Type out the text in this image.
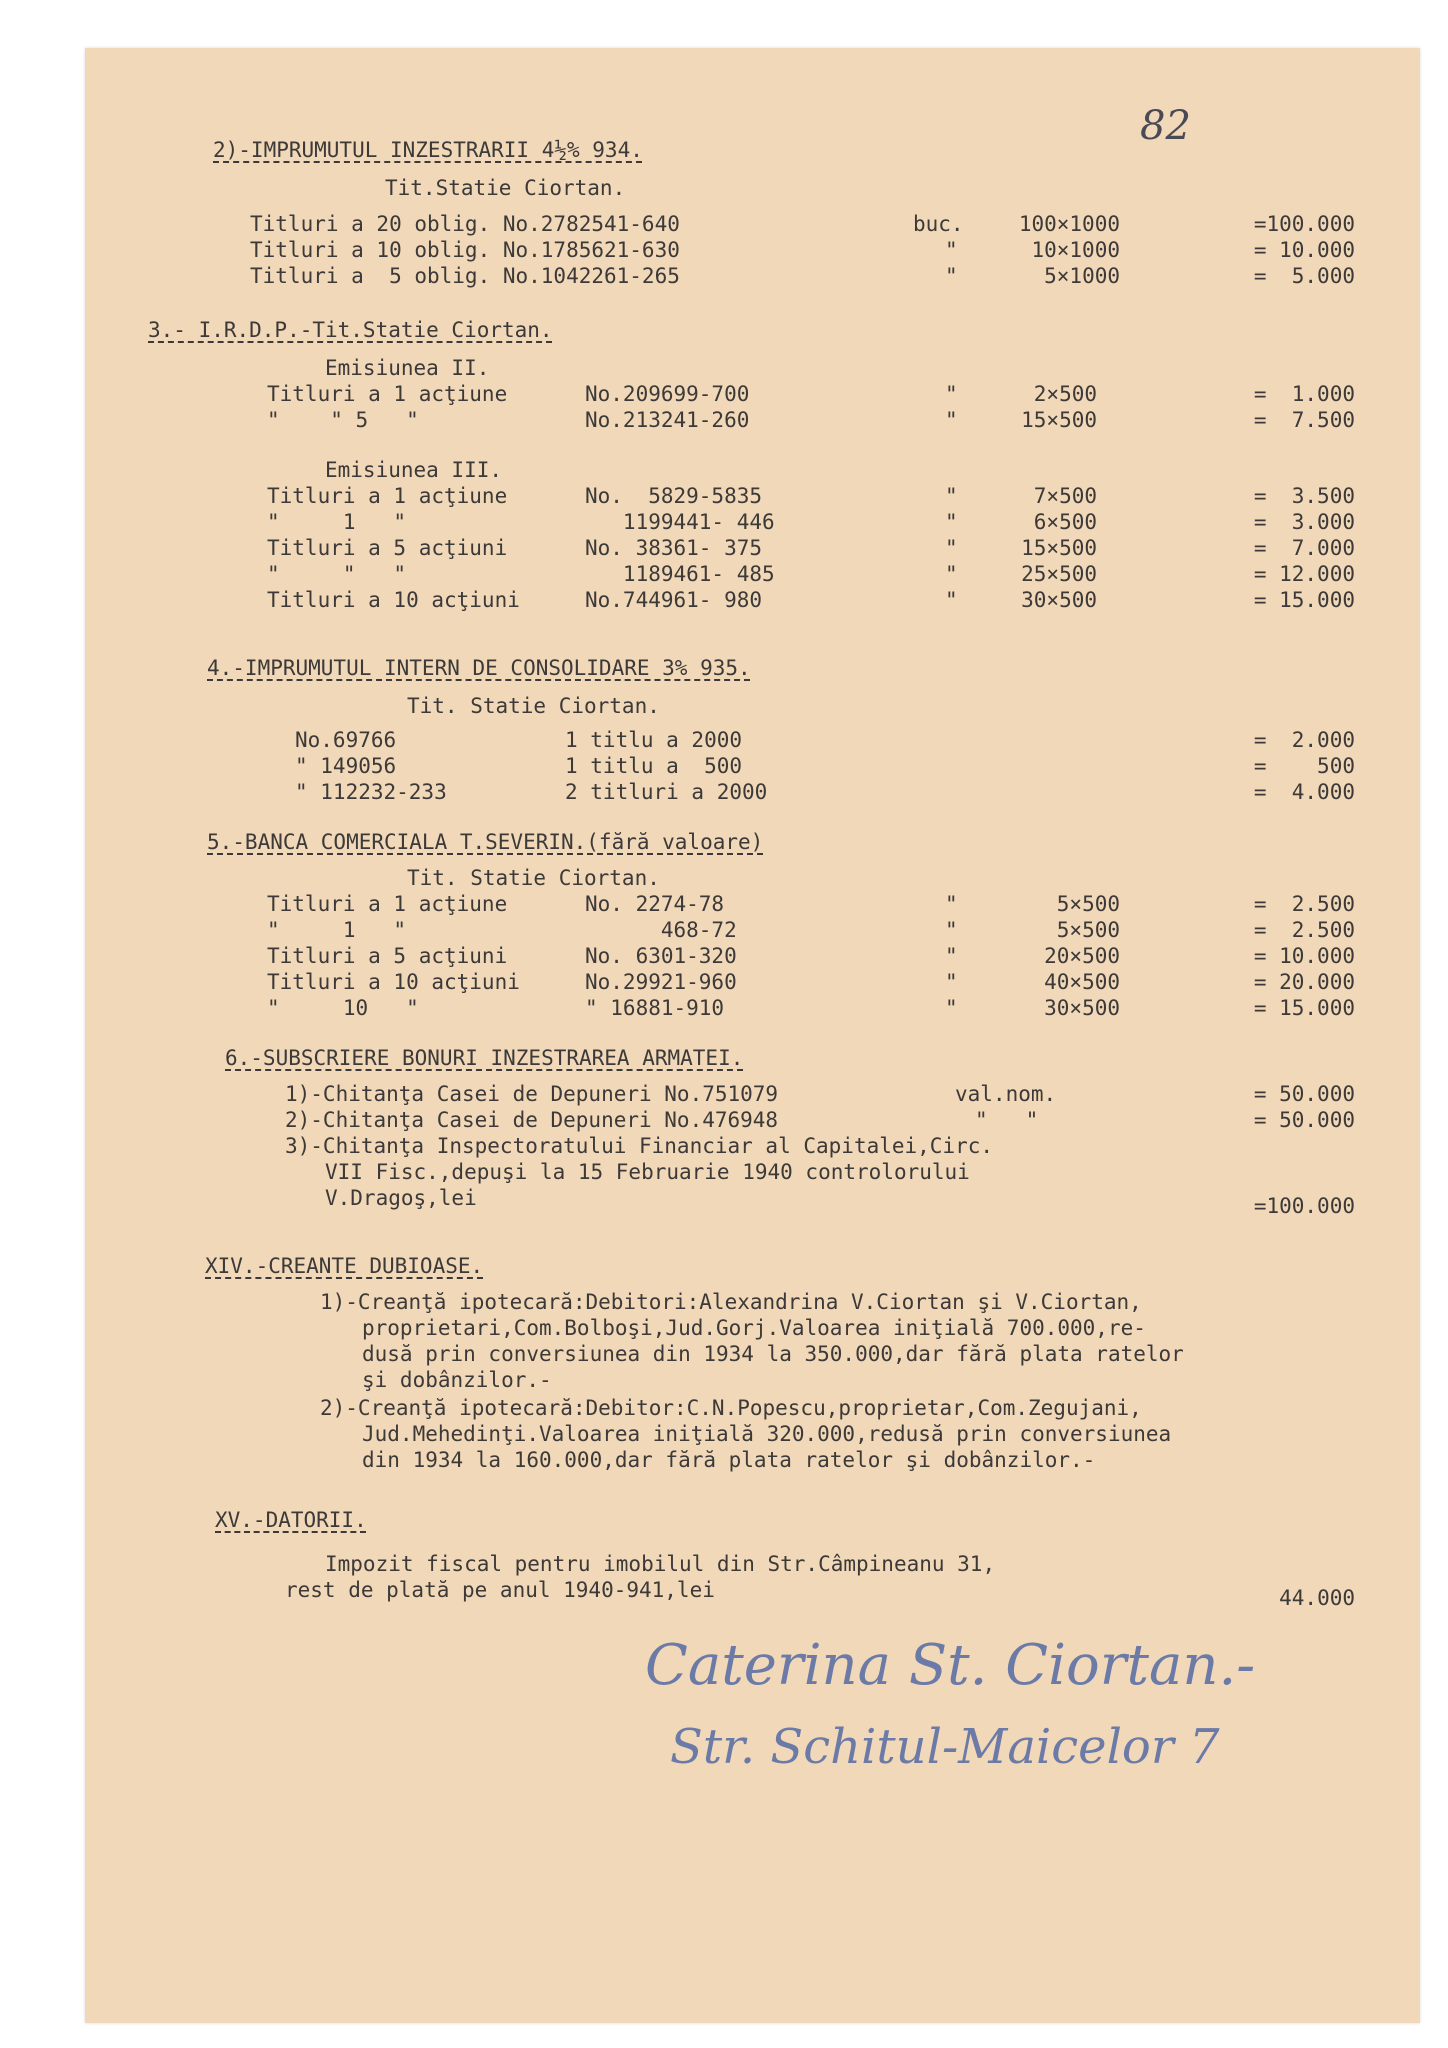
82
2)-IMPRUMUTUL INZESTRARII 4½% 934.
Tit.Statie Ciortan.
Titluri a 20 oblig. No.2782541-640	buc.	100×1000	=100.000
Titluri a 10 oblig. No.1785621-630	"	10×1000	= 10.000
Titluri a  5 oblig. No.1042261-265	"	5×1000	=  5.000
3.- I.R.D.P.-Tit.Statie Ciortan.
Emisiunea II.
Titluri a 1 acţiune	No.209699-700	"	2×500	=  1.000
"    " 5   "	No.213241-260	"	15×500	=  7.500
Emisiunea III.
Titluri a 1 acţiune	No.  5829-5835	"	7×500	=  3.500
"     1   "	1199441- 446	"	6×500	=  3.000
Titluri a 5 acţiuni	No. 38361- 375	"	15×500	=  7.000
"     "   "	1189461- 485	"	25×500	= 12.000
Titluri a 10 acţiuni	No.744961- 980	"	30×500	= 15.000
4.-IMPRUMUTUL INTERN DE CONSOLIDARE 3% 935.
Tit. Statie Ciortan.
No.69766	1 titlu a 2000	=  2.000
" 149056	1 titlu a  500	=    500
" 112232-233	2 titluri a 2000	=  4.000
5.-BANCA COMERCIALA T.SEVERIN.(fără valoare)
Tit. Statie Ciortan.
Titluri a 1 acţiune	No. 2274-78	"	5×500	=  2.500
"     1   "	468-72	"	5×500	=  2.500
Titluri a 5 acţiuni	No. 6301-320	"	20×500	= 10.000
Titluri a 10 acţiuni	No.29921-960	"	40×500	= 20.000
"     10   "	" 16881-910	"	30×500	= 15.000
6.-SUBSCRIERE BONURI INZESTRAREA ARMATEI.
1)-Chitanţa Casei de Depuneri No.751079	val.nom.	= 50.000
2)-Chitanţa Casei de Depuneri No.476948	"   "	= 50.000
3)-Chitanţa Inspectoratului Financiar al Capitalei,Circ.
VII Fisc.,depuşi la 15 Februarie 1940 controlorului
V.Dragoş,lei	=100.000
XIV.-CREANTE DUBIOASE.
1)-Creanţă ipotecară:Debitori:Alexandrina V.Ciortan şi V.Ciortan,
proprietari,Com.Bolboşi,Jud.Gorj.Valoarea iniţială 700.000,re-
dusă prin conversiunea din 1934 la 350.000,dar fără plata ratelor
şi dobânzilor.-
2)-Creanţă ipotecară:Debitor:C.N.Popescu,proprietar,Com.Zegujani,
Jud.Mehedinţi.Valoarea iniţială 320.000,redusă prin conversiunea
din 1934 la 160.000,dar fără plata ratelor şi dobânzilor.-
XV.-DATORII.
Impozit fiscal pentru imobilul din Str.Câmpineanu 31,
rest de plată pe anul 1940-941,lei	44.000
Caterina St. Ciortan.-
Str. Schitul-Maicelor 7
